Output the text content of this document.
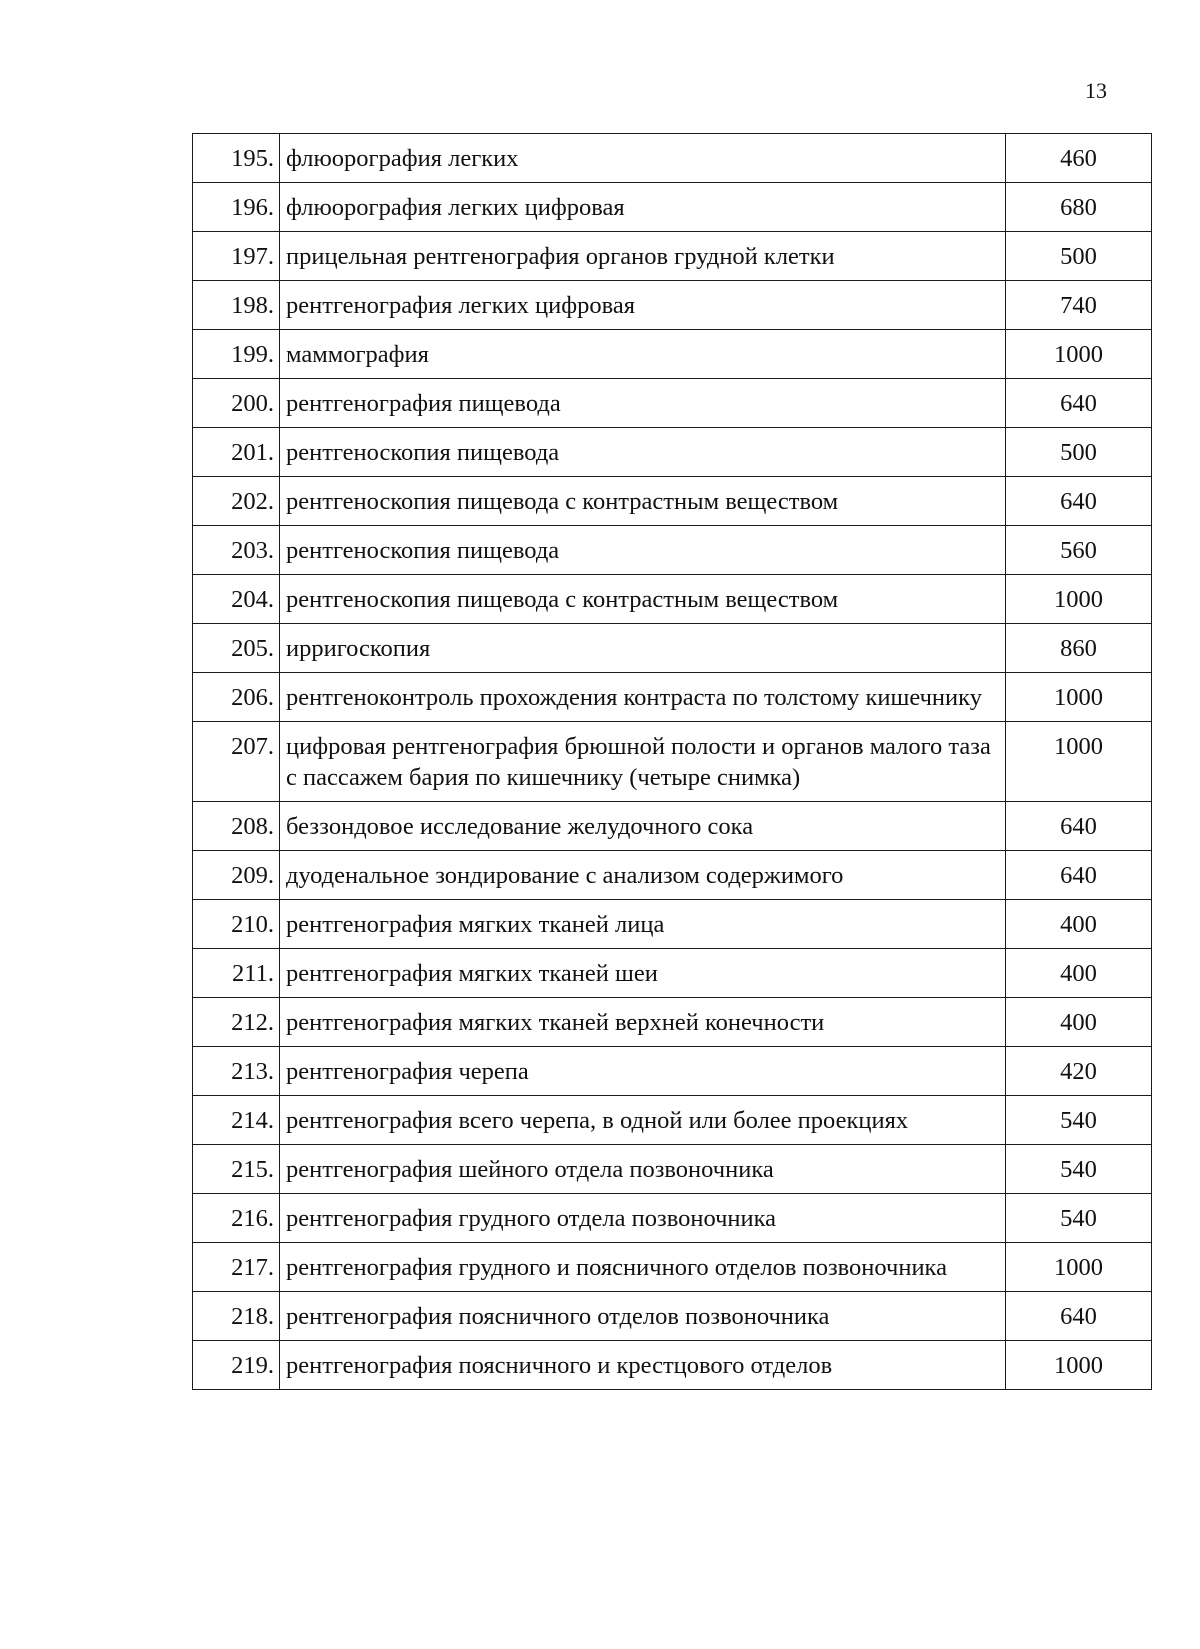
13
195.	флюорография легких	460
196.	флюорография легких цифровая	680
197.	прицельная рентгенография органов грудной клетки	500
198.	рентгенография легких цифровая	740
199.	маммография	1000
200.	рентгенография пищевода	640
201.	рентгеноскопия пищевода	500
202.	рентгеноскопия пищевода с контрастным веществом	640
203.	рентгеноскопия пищевода	560
204.	рентгеноскопия пищевода с контрастным веществом	1000
205.	ирригоскопия	860
206.	рентгеноконтроль прохождения контраста по толстому кишечнику	1000
207.	цифровая рентгенография брюшной полости и органов малого таза с пассажем бария по кишечнику (четыре снимка)	1000
208.	беззондовое исследование желудочного сока	640
209.	дуоденальное зондирование с анализом содержимого	640
210.	рентгенография мягких тканей лица	400
211.	рентгенография мягких тканей шеи	400
212.	рентгенография мягких тканей верхней конечности	400
213.	рентгенография черепа	420
214.	рентгенография всего черепа, в одной или более проекциях	540
215.	рентгенография шейного отдела позвоночника	540
216.	рентгенография грудного отдела позвоночника	540
217.	рентгенография грудного и поясничного отделов позвоночника	1000
218.	рентгенография поясничного отделов позвоночника	640
219.	рентгенография поясничного и крестцового отделов	1000
